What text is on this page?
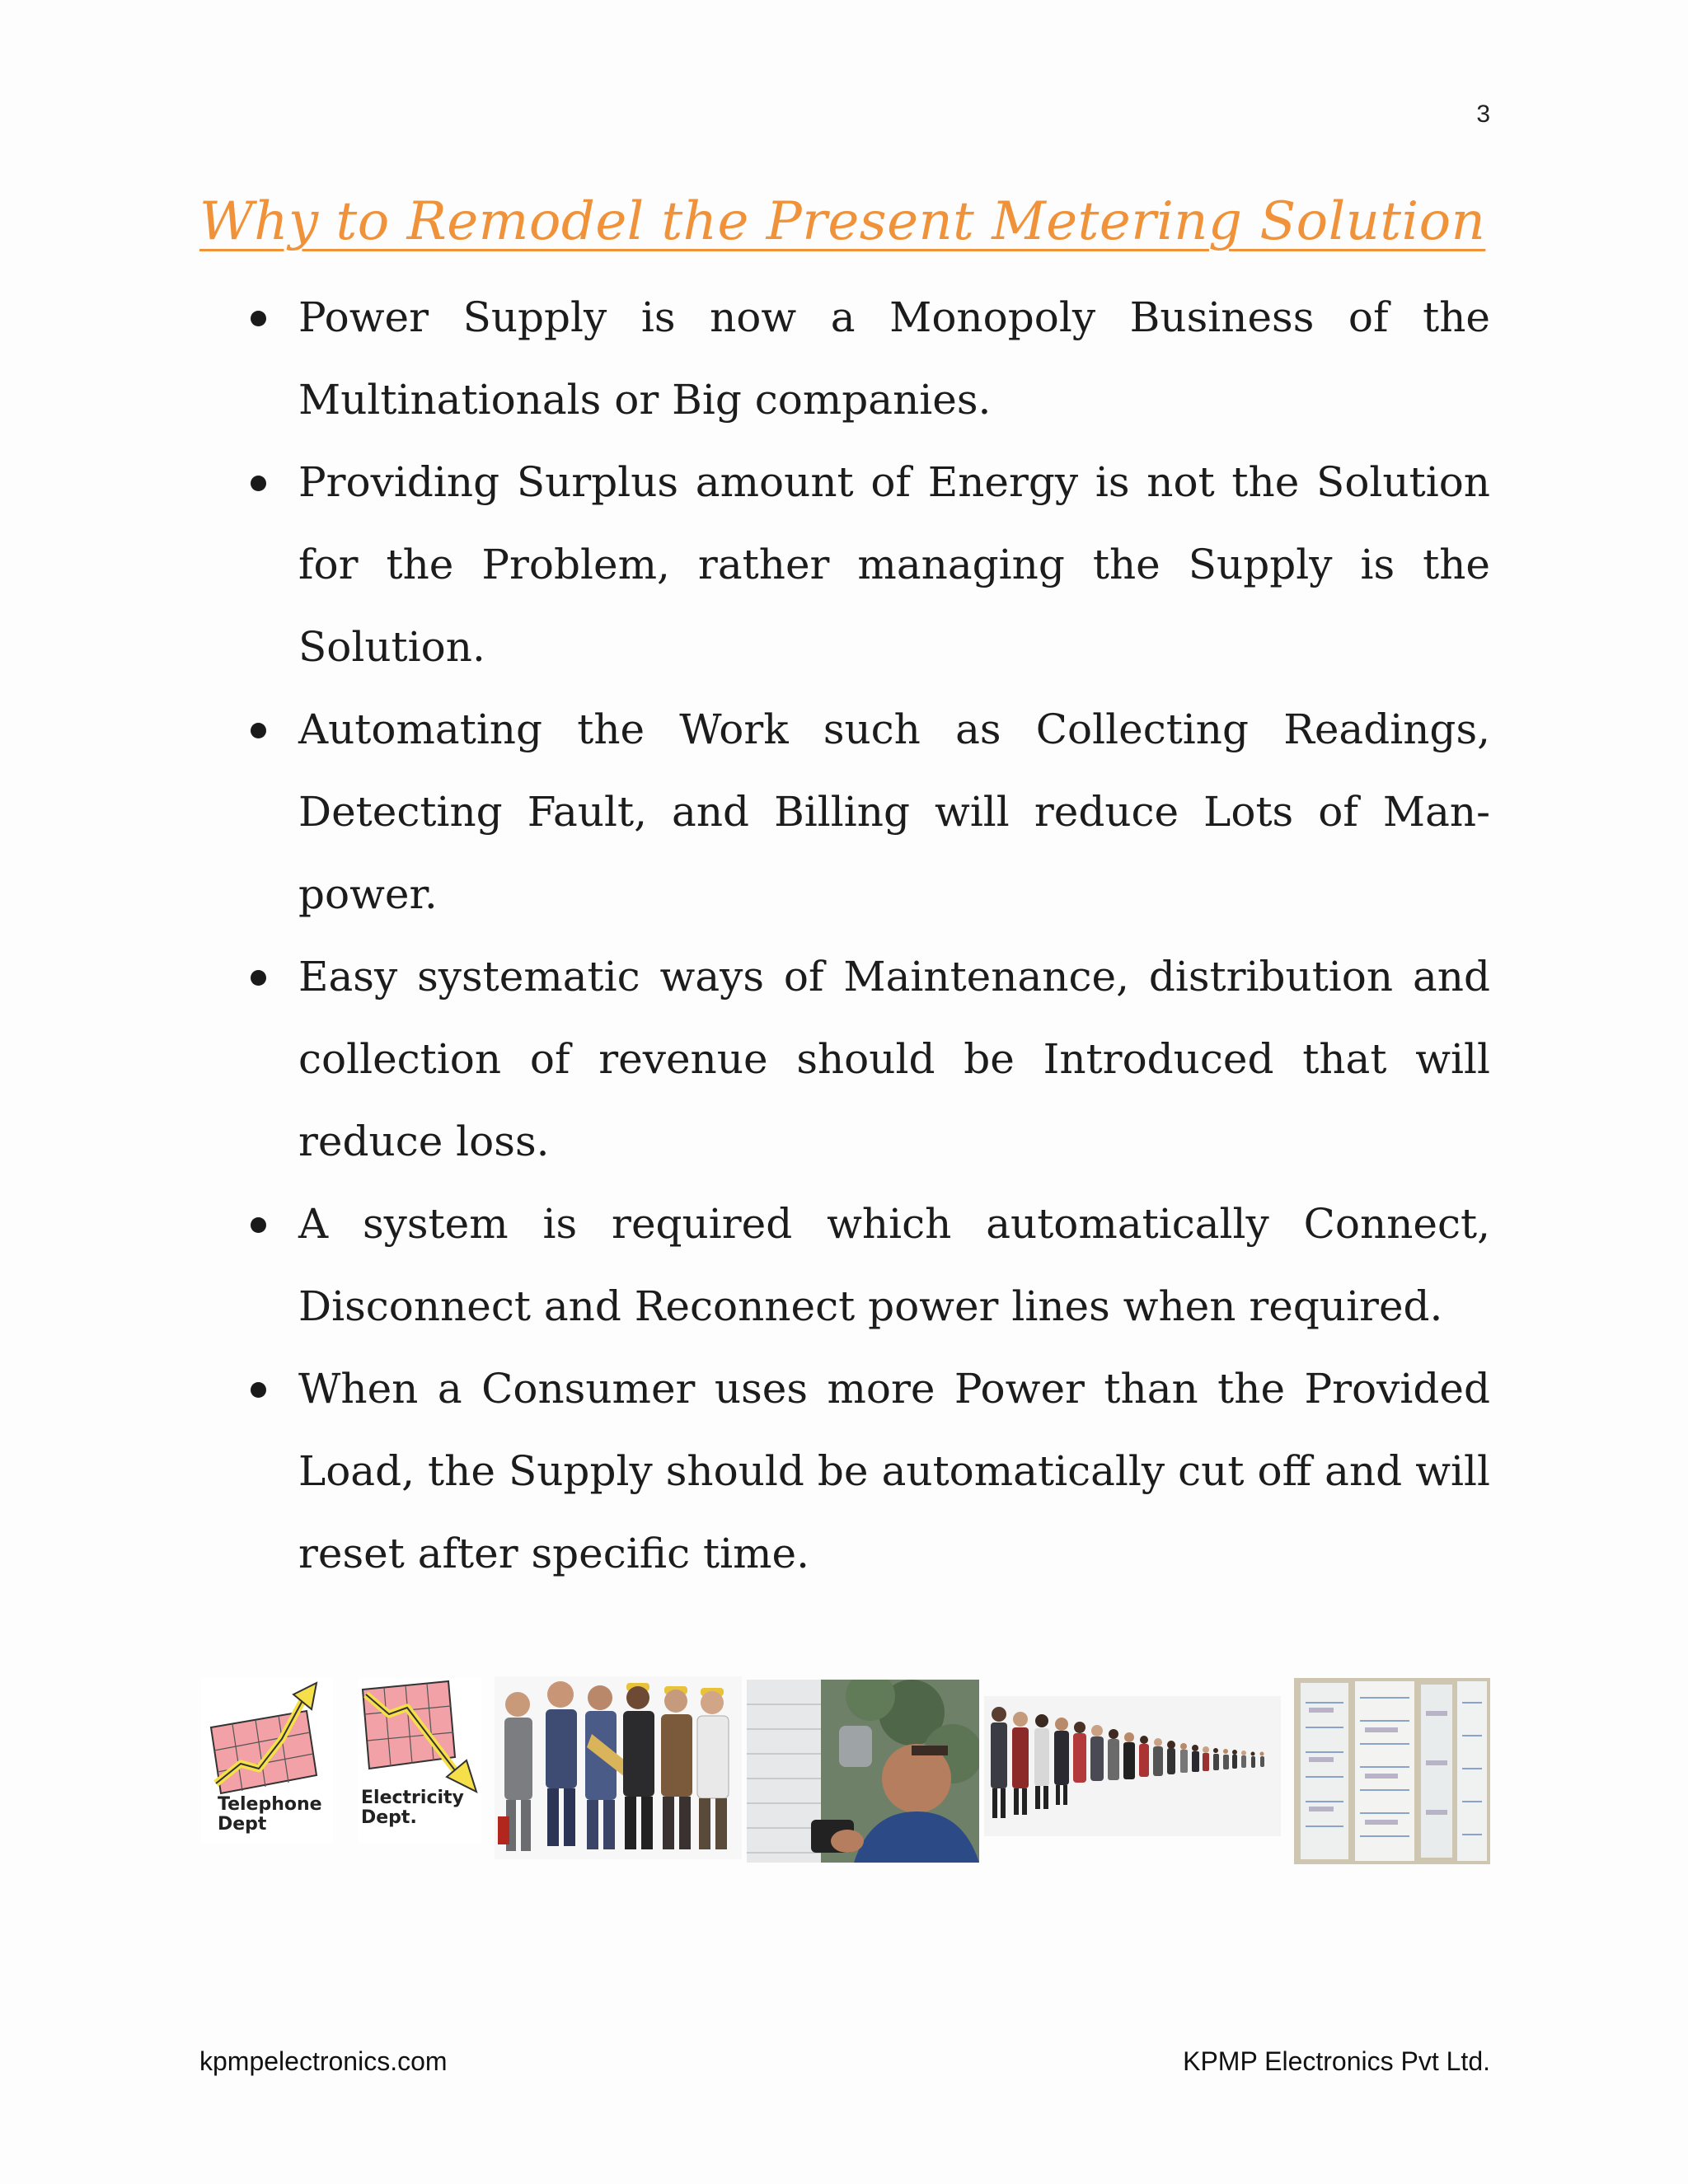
3
Why to Remodel the Present Metering Solution
Power Supply is now a Monopoly Business of the Multinationals or Big companies.
Providing Surplus amount of Energy is not the Solution for the Problem, rather managing the Supply is the Solution.
Automating the Work such as Collecting Readings, Detecting Fault, and Billing will reduce Lots of Man-power.
Easy systematic ways of Maintenance, distribution and collection of revenue should be Introduced that will reduce loss.
A system is required which automatically Connect, Disconnect and Reconnect power lines when required.
When a Consumer uses more Power than the Provided Load, the Supply should be automatically cut off and will reset after specific time.
Telephone Dept
Electricity Dept.
kpmpelectronics.com	KPMP Electronics Pvt Ltd.
